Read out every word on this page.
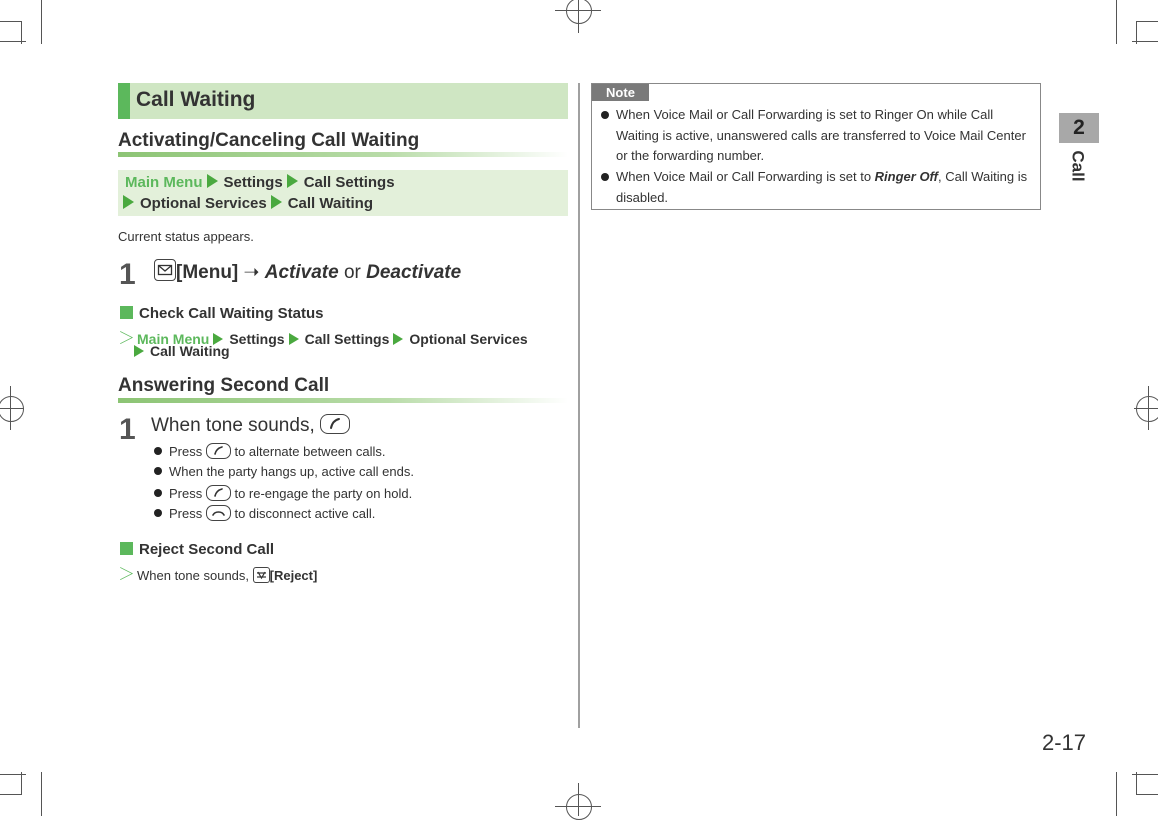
Call Waiting
Activating/Canceling Call Waiting
Main Menu Settings Call Settings
Optional Services Call Waiting
Current status appears.
1	[Menu] ➝ Activate or Deactivate
Check Call Waiting Status
＞ Main Menu Settings Call Settings Optional Services
Call Waiting
Answering Second Call
1 When tone sounds,
Press
to alternate between calls.
When the party hangs up, active call ends.
Press
to re-engage the party on hold.
Press
to disconnect active call.
Reject Second Call
＞ When tone sounds,
[Reject]
Note
When Voice Mail or Call Forwarding is set to Ringer On while Call Waiting is active, unanswered calls are transferred to Voice Mail Center or the forwarding number.
When Voice Mail or Call Forwarding is set to Ringer Off, Call Waiting is disabled.
2
Call
2-17
